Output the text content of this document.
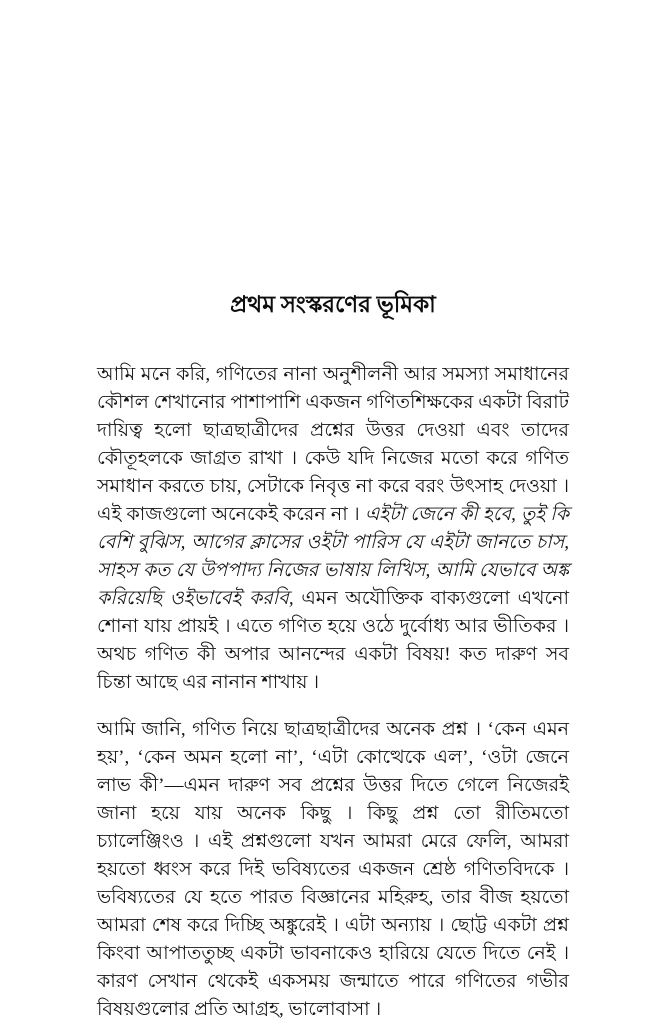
প্রথম সংস্করণের ভূমিকা

আমি মনে করি, গণিতের নানা অনুশীলনী আর সমস্যা সমাধানের কৌশল শেখানোর পাশাপাশি একজন গণিতশিক্ষকের একটা বিরাট দায়িত্ব হলো ছাত্রছাত্রীদের প্রশ্নের উত্তর দেওয়া এবং তাদের কৌতূহলকে জাগ্রত রাখা । কেউ যদি নিজের মতো করে গণিত সমাধান করতে চায়, সেটাকে নিবৃত্ত না করে বরং উৎসাহ দেওয়া । এই কাজগুলো অনেকেই করেন না । এইটা জেনে কী হবে, তুই কি বেশি বুঝিস, আগের ক্লাসের ওইটা পারিস যে এইটা জানতে চাস, সাহস কত যে উপপাদ্য নিজের ভাষায় লিখিস, আমি যেভাবে অঙ্ক করিয়েছি ওইভাবেই করবি, এমন অযৌক্তিক বাক্যগুলো এখনো শোনা যায় প্রায়ই । এতে গণিত হয়ে ওঠে দুর্বোধ্য আর ভীতিকর । অথচ গণিত কী অপার আনন্দের একটা বিষয়! কত দারুণ সব চিন্তা আছে এর নানান শাখায় ।

আমি জানি, গণিত নিয়ে ছাত্রছাত্রীদের অনেক প্রশ্ন । ‘কেন এমন হয়’, ‘কেন অমন হলো না’, ‘এটা কোত্থেকে এল’, ‘ওটা জেনে লাভ কী’—এমন দারুণ সব প্রশ্নের উত্তর দিতে গেলে নিজেরই জানা হয়ে যায় অনেক কিছু । কিছু প্রশ্ন তো রীতিমতো চ্যালেঞ্জিংও । এই প্রশ্নগুলো যখন আমরা মেরে ফেলি, আমরা হয়তো ধ্বংস করে দিই ভবিষ্যতের একজন শ্রেষ্ঠ গণিতবিদকে । ভবিষ্যতের যে হতে পারত বিজ্ঞানের মহিরুহ, তার বীজ হয়তো আমরা শেষ করে দিচ্ছি অঙ্কুরেই । এটা অন্যায় । ছোট্ট একটা প্রশ্ন কিংবা আপাততুচ্ছ একটা ভাবনাকেও হারিয়ে যেতে দিতে নেই । কারণ সেখান থেকেই একসময় জন্মাতে পারে গণিতের গভীর বিষয়গুলোর প্রতি আগ্রহ, ভালোবাসা ।
